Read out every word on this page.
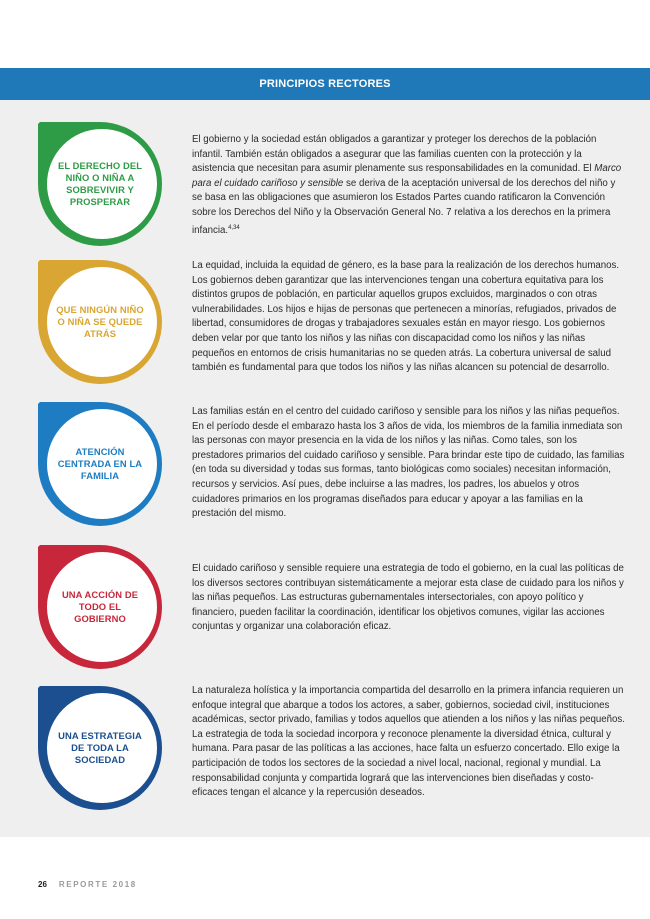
PRINCIPIOS RECTORES
EL DERECHO DEL NIÑO O NIÑA A SOBREVIVIR Y PROSPERAR
El gobierno y la sociedad están obligados a garantizar y proteger los derechos de la población infantil. También están obligados a asegurar que las familias cuenten con la protección y la asistencia que necesitan para asumir plenamente sus responsabilidades en la comunidad. El Marco para el cuidado cariñoso y sensible se deriva de la aceptación universal de los derechos del niño y se basa en las obligaciones que asumieron los Estados Partes cuando ratificaron la Convención sobre los Derechos del Niño y la Observación General No. 7 relativa a los derechos en la primera infancia.$^{4,34}$
QUE NINGÚN NIÑO O NIÑA SE QUEDE ATRÁS
La equidad, incluida la equidad de género, es la base para la realización de los derechos humanos. Los gobiernos deben garantizar que las intervenciones tengan una cobertura equitativa para los distintos grupos de población, en particular aquellos grupos excluidos, marginados o con otras vulnerabilidades. Los hijos e hijas de personas que pertenecen a minorías, refugiados, privados de libertad, consumidores de drogas y trabajadores sexuales están en mayor riesgo. Los gobiernos deben velar por que tanto los niños y las niñas con discapacidad como los niños y las niñas pequeños en entornos de crisis humanitarias no se queden atrás. La cobertura universal de salud también es fundamental para que todos los niños y las niñas alcancen su potencial de desarrollo.
ATENCIÓN CENTRADA EN LA FAMILIA
Las familias están en el centro del cuidado cariñoso y sensible para los niños y las niñas pequeños. En el período desde el embarazo hasta los 3 años de vida, los miembros de la familia inmediata son las personas con mayor presencia en la vida de los niños y las niñas. Como tales, son los prestadores primarios del cuidado cariñoso y sensible. Para brindar este tipo de cuidado, las familias (en toda su diversidad y todas sus formas, tanto biológicas como sociales) necesitan información, recursos y servicios. Así pues, debe incluirse a las madres, los padres, los abuelos y otros cuidadores primarios en los programas diseñados para educar y apoyar a las familias en la prestación del mismo.
UNA ACCIÓN DE TODO EL GOBIERNO
El cuidado cariñoso y sensible requiere una estrategia de todo el gobierno, en la cual las políticas de los diversos sectores contribuyan sistemáticamente a mejorar esta clase de cuidado para los niños y las niñas pequeños. Las estructuras gubernamentales intersectoriales, con apoyo político y financiero, pueden facilitar la coordinación, identificar los objetivos comunes, vigilar las acciones conjuntas y organizar una colaboración eficaz.
UNA ESTRATEGIA DE TODA LA SOCIEDAD
La naturaleza holística y la importancia compartida del desarrollo en la primera infancia requieren un enfoque integral que abarque a todos los actores, a saber, gobiernos, sociedad civil, instituciones académicas, sector privado, familias y todos aquellos que atienden a los niños y las niñas pequeños. La estrategia de toda la sociedad incorpora y reconoce plenamente la diversidad étnica, cultural y humana. Para pasar de las políticas a las acciones, hace falta un esfuerzo concertado. Ello exige la participación de todos los sectores de la sociedad a nivel local, nacional, regional y mundial. La responsabilidad conjunta y compartida logrará que las intervenciones bien diseñadas y costo-eficaces tengan el alcance y la repercusión deseados.
26 REPORTE 2018
